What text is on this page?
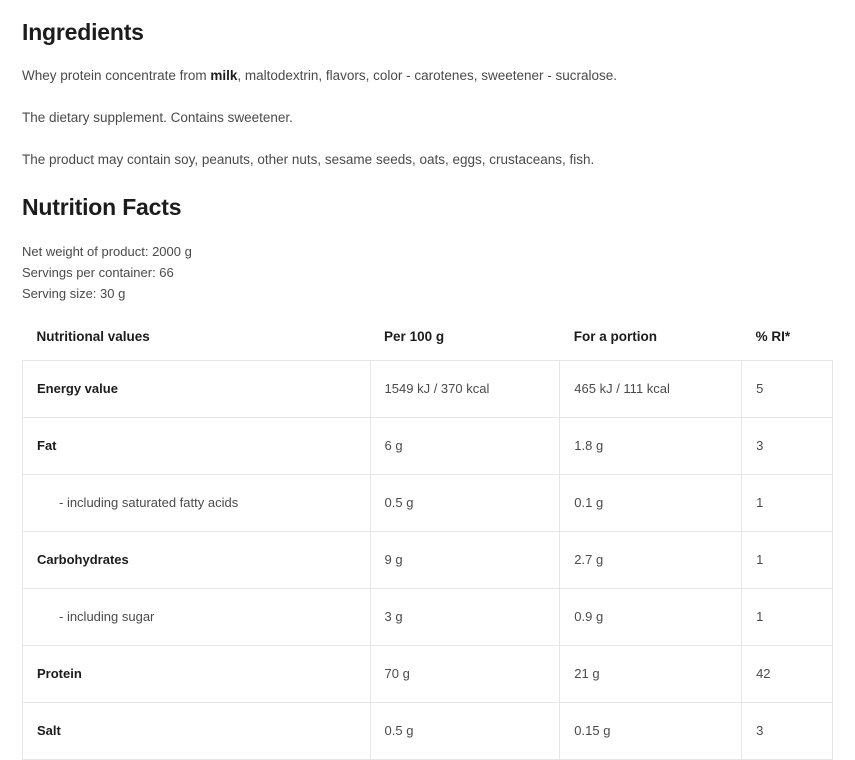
Ingredients

Whey protein concentrate from milk, maltodextrin, flavors, color - carotenes, sweetener - sucralose.

The dietary supplement. Contains sweetener.

The product may contain soy, peanuts, other nuts, sesame seeds, oats, eggs, crustaceans, fish.

Nutrition Facts
Net weight of product: 2000 g
Servings per container: 66
Serving size: 30 g
Nutritional values	Per 100 g	For a portion	% RI*
Energy value	1549 kJ / 370 kcal	465 kJ / 111 kcal	5
Fat	6 g	1.8 g	3
- including saturated fatty acids	0.5 g	0.1 g	1
Carbohydrates	9 g	2.7 g	1
- including sugar	3 g	0.9 g	1
Protein	70 g	21 g	42
Salt	0.5 g	0.15 g	3
